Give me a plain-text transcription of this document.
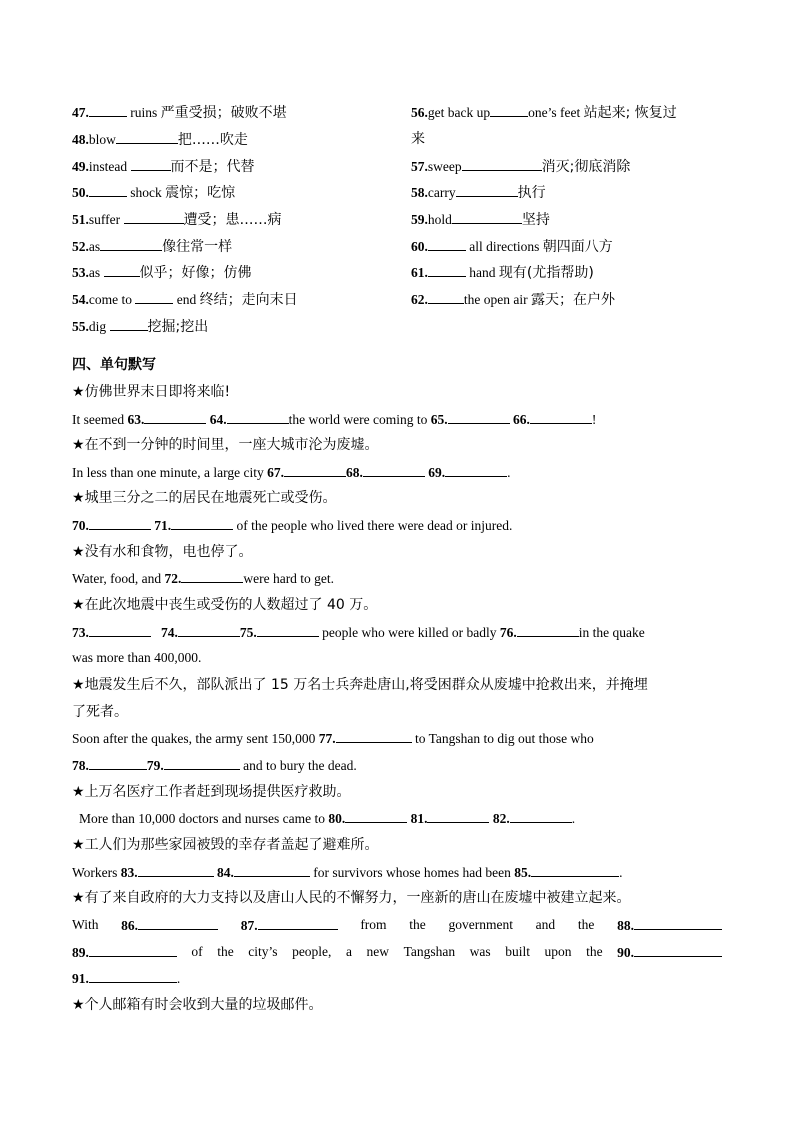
47.	ruins 严重受损；破败不堪
48.blow	把……吹走
49.instead	而不是；代替
50.	shock 震惊；吃惊
51.suffer	遭受；患……病
52.as	像往常一样
53.as	似乎；好像；仿佛
54.come to	end 终结；走向末日
55.dig	挖掘;挖出
56.get back up	one’s feet 站起来; 恢复过
来
57.sweep	消灭;彻底消除
58.carry	执行
59.hold	坚持
60.	all directions 朝四面八方
61.	hand 现有(尤指帮助)
62.	the open air 露天；在户外
四、单句默写
★仿佛世界末日即将来临!
It seemed 63.	64.	the world were coming to 65.	66.	!
★在不到一分钟的时间里，一座大城市沦为废墟。
In less than one minute, a large city 67.	68.	69.	.
★城里三分之二的居民在地震死亡或受伤。
70.	71.	of the people who lived there were dead or injured.
★没有水和食物，电也停了。
Water, food, and 72.	were hard to get.
★在此次地震中丧生或受伤的人数超过了 40 万。
73.	74.	75.	people who were killed or badly 76.	in the quake
was more than 400,000.
★地震发生后不久，部队派出了 15 万名士兵奔赴唐山,将受困群众从废墟中抢救出来，并掩埋
了死者。
Soon after the quakes, the army sent 150,000 77.	to Tangshan to dig out those who
78.	79.	and to bury the dead.
★上万名医疗工作者赶到现场提供医疗救助。
More than 10,000 doctors and nurses came to 80.	81.	82.	.
★工人们为那些家园被毁的幸存者盖起了避难所。
Workers 83.	84.	for survivors whose homes had been 85.	.
★有了来自政府的大力支持以及唐山人民的不懈努力，一座新的唐山在废墟中被建立起来。
With 86.	87.	from the government and the 88.
89.	of the city’s people, a new Tangshan was built upon the 90.
91.	.
★个人邮箱有时会收到大量的垃圾邮件。
